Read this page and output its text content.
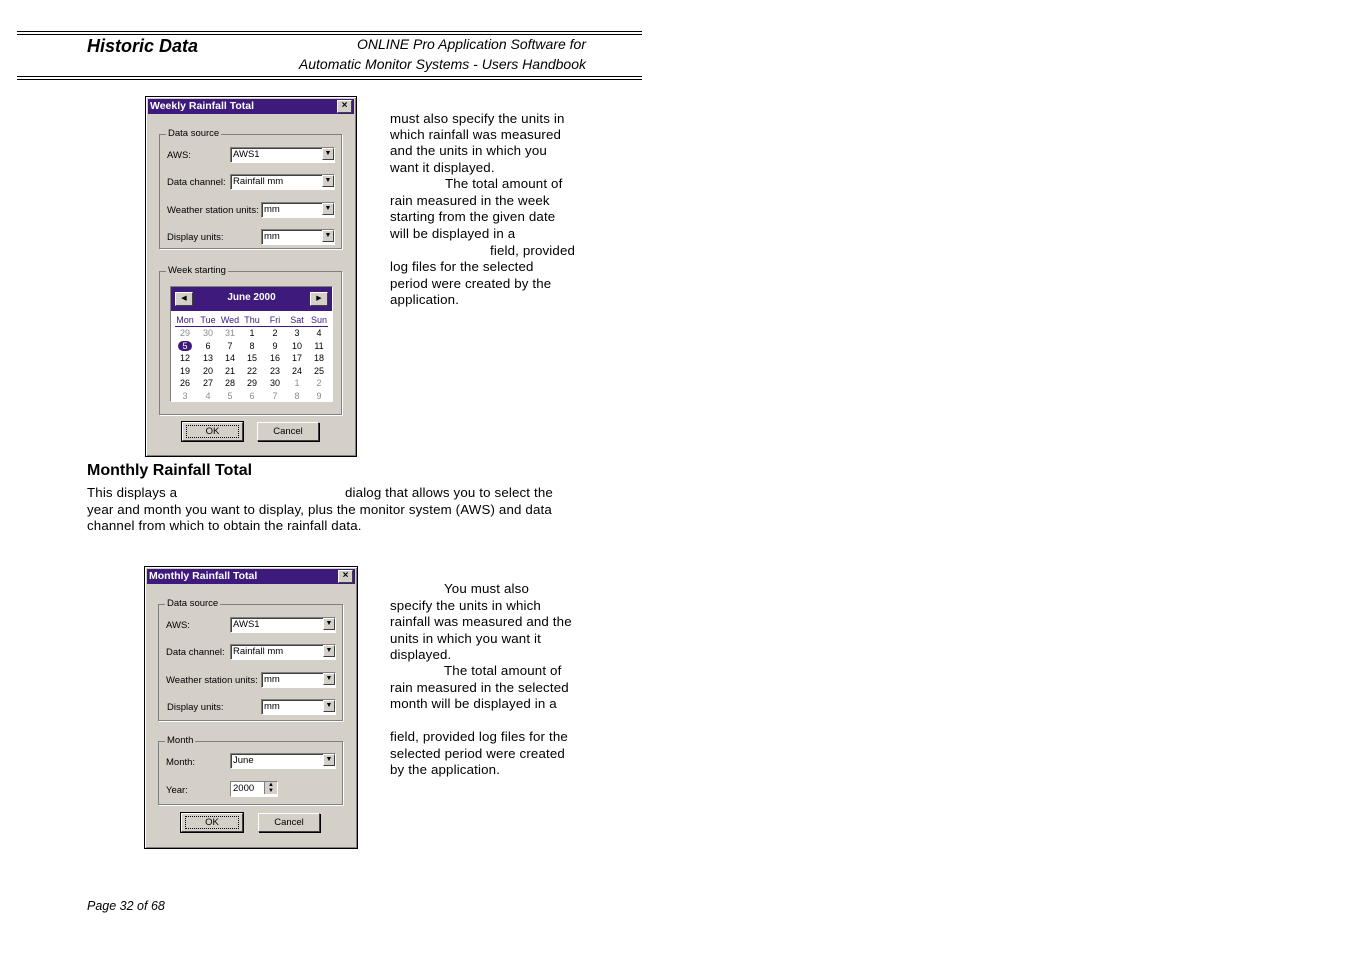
Historic Data	ONLINE Pro Application Software for
Automatic Monitor Systems - Users Handbook
Weekly Rainfall Total	×
Data source
AWS:	AWS1	▼
Data channel: Rainfall mm	▼
Weather station units: mm	▼
Display units:	mm	▼
Week starting
◀	June 2000	▶
Mon Tue Wed Thu	Fri	Sat Sun
29	30	31	1	2	3	4
5	6	7	8	9	10	11
12	13	14	15	16	17	18
19	20	21	22	23	24	25
26	27	28	29	30	1	2
3	4	5	6	7	8	9
OK	Cancel
must also specify the units in
which rainfall was measured
and the units in which you
want it displayed.
The total amount of
rain measured in the week
starting from the given date
will be displayed in a
field, provided
log files for the selected
period were created by the
application.
Monthly Rainfall Total
This displays a	dialog that allows you to select the
year and month you want to display, plus the monitor system (AWS) and data
channel from which to obtain the rainfall data.
Monthly Rainfall Total	×
Data source
AWS:	AWS1	▼
Data channel: Rainfall mm	▼
Weather station units: mm	▼
Display units:	mm	▼
Month
Month:	June	▼
Year:	2000	▲
▼
OK	Cancel
You must also
specify the units in which
rainfall was measured and the
units in which you want it
displayed.
The total amount of
rain measured in the selected
month will be displayed in a
field, provided log files for the
selected period were created
by the application.
Page 32 of 68
